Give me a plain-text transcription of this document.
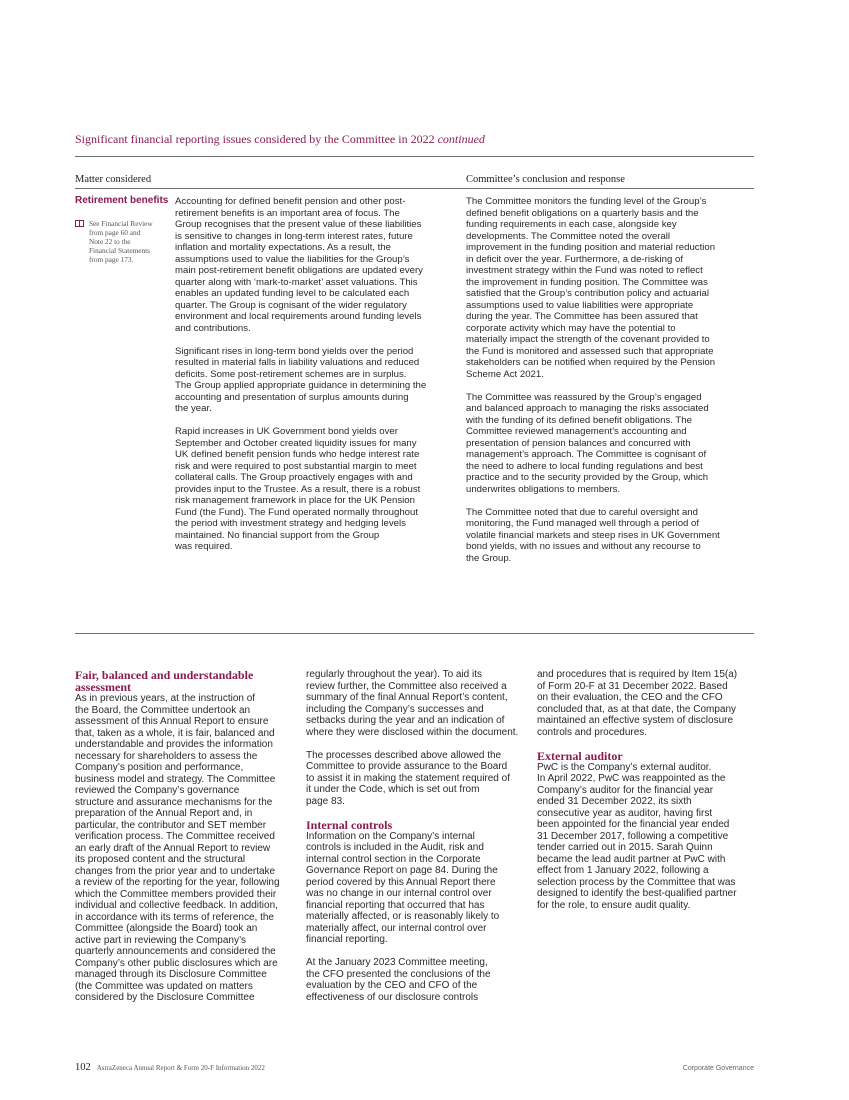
Significant financial reporting issues considered by the Committee in 2022 continued
Matter considered	Committee’s conclusion and response
Retirement benefits
See Financial Review
from page 60 and
Note 22 to the
Financial Statements
from page 173.

Accounting for defined benefit pension and other post-
retirement benefits is an important area of focus. The
Group recognises that the present value of these liabilities
is sensitive to changes in long-term interest rates, future
inflation and mortality expectations. As a result, the
assumptions used to value the liabilities for the Group’s
main post-retirement benefit obligations are updated every
quarter along with ‘mark-to-market’ asset valuations. This
enables an updated funding level to be calculated each
quarter. The Group is cognisant of the wider regulatory
environment and local requirements around funding levels
and contributions.

Significant rises in long-term bond yields over the period
resulted in material falls in liability valuations and reduced
deficits. Some post-retirement schemes are in surplus.
The Group applied appropriate guidance in determining the
accounting and presentation of surplus amounts during
the year.

Rapid increases in UK Government bond yields over
September and October created liquidity issues for many
UK defined benefit pension funds who hedge interest rate
risk and were required to post substantial margin to meet
collateral calls. The Group proactively engages with and
provides input to the Trustee. As a result, there is a robust
risk management framework in place for the UK Pension
Fund (the Fund). The Fund operated normally throughout
the period with investment strategy and hedging levels
maintained. No financial support from the Group
was required.

The Committee monitors the funding level of the Group’s
defined benefit obligations on a quarterly basis and the
funding requirements in each case, alongside key
developments. The Committee noted the overall
improvement in the funding position and material reduction
in deficit over the year. Furthermore, a de-risking of
investment strategy within the Fund was noted to reflect
the improvement in funding position. The Committee was
satisfied that the Group’s contribution policy and actuarial
assumptions used to value liabilities were appropriate
during the year. The Committee has been assured that
corporate activity which may have the potential to
materially impact the strength of the covenant provided to
the Fund is monitored and assessed such that appropriate
stakeholders can be notified when required by the Pension
Scheme Act 2021.

The Committee was reassured by the Group’s engaged
and balanced approach to managing the risks associated
with the funding of its defined benefit obligations. The
Committee reviewed management’s accounting and
presentation of pension balances and concurred with
management’s approach. The Committee is cognisant of
the need to adhere to local funding regulations and best
practice and to the security provided by the Group, which
underwrites obligations to members.

The Committee noted that due to careful oversight and
monitoring, the Fund managed well through a period of
volatile financial markets and steep rises in UK Government
bond yields, with no issues and without any recourse to
the Group.

Fair, balanced and understandable
assessment

As in previous years, at the instruction of
the Board, the Committee undertook an
assessment of this Annual Report to ensure
that, taken as a whole, it is fair, balanced and
understandable and provides the information
necessary for shareholders to assess the
Company’s position and performance,
business model and strategy. The Committee
reviewed the Company’s governance
structure and assurance mechanisms for the
preparation of the Annual Report and, in
particular, the contributor and SET member
verification process. The Committee received
an early draft of the Annual Report to review
its proposed content and the structural
changes from the prior year and to undertake
a review of the reporting for the year, following
which the Committee members provided their
individual and collective feedback. In addition,
in accordance with its terms of reference, the
Committee (alongside the Board) took an
active part in reviewing the Company’s
quarterly announcements and considered the
Company’s other public disclosures which are
managed through its Disclosure Committee
(the Committee was updated on matters
considered by the Disclosure Committee

regularly throughout the year). To aid its
review further, the Committee also received a
summary of the final Annual Report’s content,
including the Company’s successes and
setbacks during the year and an indication of
where they were disclosed within the document.

The processes described above allowed the
Committee to provide assurance to the Board
to assist it in making the statement required of
it under the Code, which is set out from
page 83.

Internal controls

Information on the Company’s internal
controls is included in the Audit, risk and
internal control section in the Corporate
Governance Report on page 84. During the
period covered by this Annual Report there
was no change in our internal control over
financial reporting that occurred that has
materially affected, or is reasonably likely to
materially affect, our internal control over
financial reporting.

At the January 2023 Committee meeting,
the CFO presented the conclusions of the
evaluation by the CEO and CFO of the
effectiveness of our disclosure controls

and procedures that is required by Item 15(a)
of Form 20-F at 31 December 2022. Based
on their evaluation, the CEO and the CFO
concluded that, as at that date, the Company
maintained an effective system of disclosure
controls and procedures.

External auditor

PwC is the Company’s external auditor.
In April 2022, PwC was reappointed as the
Company’s auditor for the financial year
ended 31 December 2022, its sixth
consecutive year as auditor, having first
been appointed for the financial year ended
31 December 2017, following a competitive
tender carried out in 2015. Sarah Quinn
became the lead audit partner at PwC with
effect from 1 January 2022, following a
selection process by the Committee that was
designed to identify the best-qualified partner
for the role, to ensure audit quality.

102 AstraZeneca Annual Report & Form 20-F Information 2022	Corporate Governance
